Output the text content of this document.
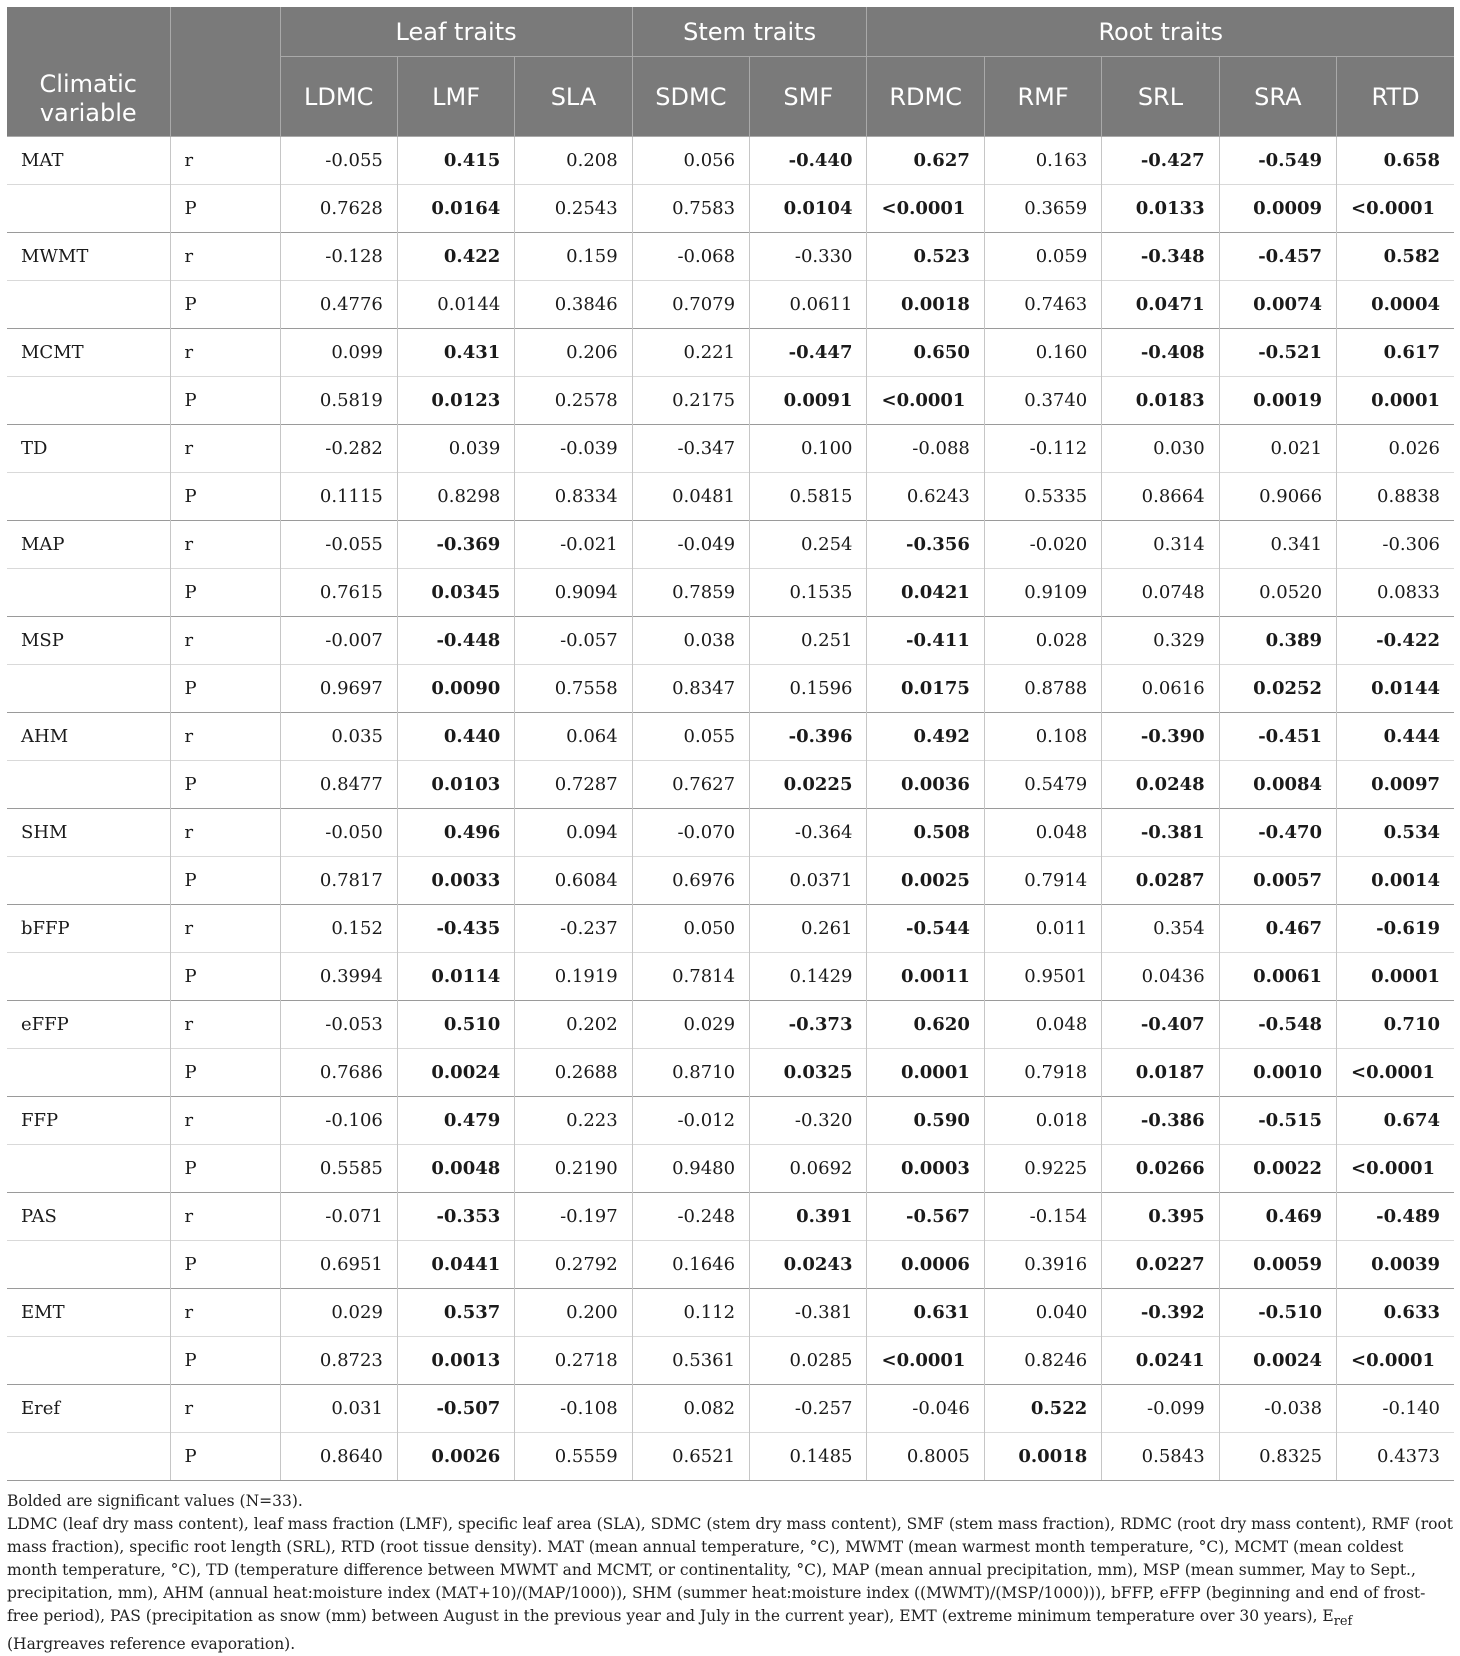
Climatic variable		Leaf traits			Stem traits		Root traits				
		LDMC	LMF	SLA	SDMC	SMF	RDMC	RMF	SRL	SRA	RTD
MAT	r	-0.055	0.415	0.208	0.056	-0.440	0.627	0.163	-0.427	-0.549	0.658
	P	0.7628	0.0164	0.2543	0.7583	0.0104	<0.0001	0.3659	0.0133	0.0009	<0.0001
MWMT	r	-0.128	0.422	0.159	-0.068	-0.330	0.523	0.059	-0.348	-0.457	0.582
	P	0.4776	0.0144	0.3846	0.7079	0.0611	0.0018	0.7463	0.0471	0.0074	0.0004
MCMT	r	0.099	0.431	0.206	0.221	-0.447	0.650	0.160	-0.408	-0.521	0.617
	P	0.5819	0.0123	0.2578	0.2175	0.0091	<0.0001	0.3740	0.0183	0.0019	0.0001
TD	r	-0.282	0.039	-0.039	-0.347	0.100	-0.088	-0.112	0.030	0.021	0.026
	P	0.1115	0.8298	0.8334	0.0481	0.5815	0.6243	0.5335	0.8664	0.9066	0.8838
MAP	r	-0.055	-0.369	-0.021	-0.049	0.254	-0.356	-0.020	0.314	0.341	-0.306
	P	0.7615	0.0345	0.9094	0.7859	0.1535	0.0421	0.9109	0.0748	0.0520	0.0833
MSP	r	-0.007	-0.448	-0.057	0.038	0.251	-0.411	0.028	0.329	0.389	-0.422
	P	0.9697	0.0090	0.7558	0.8347	0.1596	0.0175	0.8788	0.0616	0.0252	0.0144
AHM	r	0.035	0.440	0.064	0.055	-0.396	0.492	0.108	-0.390	-0.451	0.444
	P	0.8477	0.0103	0.7287	0.7627	0.0225	0.0036	0.5479	0.0248	0.0084	0.0097
SHM	r	-0.050	0.496	0.094	-0.070	-0.364	0.508	0.048	-0.381	-0.470	0.534
	P	0.7817	0.0033	0.6084	0.6976	0.0371	0.0025	0.7914	0.0287	0.0057	0.0014
bFFP	r	0.152	-0.435	-0.237	0.050	0.261	-0.544	0.011	0.354	0.467	-0.619
	P	0.3994	0.0114	0.1919	0.7814	0.1429	0.0011	0.9501	0.0436	0.0061	0.0001
eFFP	r	-0.053	0.510	0.202	0.029	-0.373	0.620	0.048	-0.407	-0.548	0.710
	P	0.7686	0.0024	0.2688	0.8710	0.0325	0.0001	0.7918	0.0187	0.0010	<0.0001
FFP	r	-0.106	0.479	0.223	-0.012	-0.320	0.590	0.018	-0.386	-0.515	0.674
	P	0.5585	0.0048	0.2190	0.9480	0.0692	0.0003	0.9225	0.0266	0.0022	<0.0001
PAS	r	-0.071	-0.353	-0.197	-0.248	0.391	-0.567	-0.154	0.395	0.469	-0.489
	P	0.6951	0.0441	0.2792	0.1646	0.0243	0.0006	0.3916	0.0227	0.0059	0.0039
EMT	r	0.029	0.537	0.200	0.112	-0.381	0.631	0.040	-0.392	-0.510	0.633
	P	0.8723	0.0013	0.2718	0.5361	0.0285	<0.0001	0.8246	0.0241	0.0024	<0.0001
Eref	r	0.031	-0.507	-0.108	0.082	-0.257	-0.046	0.522	-0.099	-0.038	-0.140
	P	0.8640	0.0026	0.5559	0.6521	0.1485	0.8005	0.0018	0.5843	0.8325	0.4373

Bolded are significant values (N=33).

LDMC (leaf dry mass content), leaf mass fraction (LMF), specific leaf area (SLA), SDMC (stem dry mass content), SMF (stem mass fraction), RDMC (root dry mass content), RMF (root mass fraction), specific root length (SRL), RTD (root tissue density). MAT (mean annual temperature, °C), MWMT (mean warmest month temperature, °C), MCMT (mean coldest month temperature, °C), TD (temperature difference between MWMT and MCMT, or continentality, °C), MAP (mean annual precipitation, mm), MSP (mean summer, May to Sept., precipitation, mm), AHM (annual heat:moisture index (MAT+10)/(MAP/1000)), SHM (summer heat:moisture index ((MWMT)/(MSP/1000))), bFFP, eFFP (beginning and end of frost-free period), PAS (precipitation as snow (mm) between August in the previous year and July in the current year), EMT (extreme minimum temperature over 30 years), $E_{ref}$ (Hargreaves reference evaporation).
